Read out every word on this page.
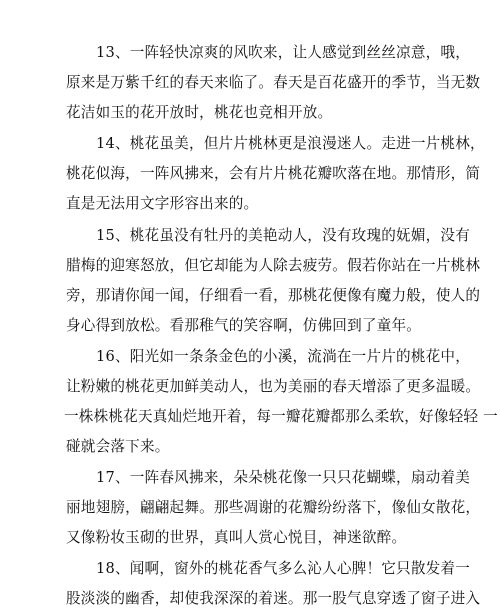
13、一阵轻快凉爽的风吹来，让人感觉到丝丝凉意，哦，
原来是万紫千红的春天来临了。春天是百花盛开的季节，当无数
花洁如玉的花开放时，桃花也竞相开放。
14、桃花虽美，但片片桃林更是浪漫迷人。走进一片桃林，
桃花似海，一阵风拂来，会有片片桃花瓣吹落在地。那情形，简
直是无法用文字形容出来的。
15、桃花虽没有牡丹的美艳动人，没有玫瑰的妩媚，没有
腊梅的迎寒怒放，但它却能为人除去疲劳。假若你站在一片桃林
旁，那请你闻一闻，仔细看一看，那桃花便像有魔力般，使人的
身心得到放松。看那稚气的笑容啊，仿佛回到了童年。
16、阳光如一条条金色的小溪，流淌在一片片的桃花中，
让粉嫩的桃花更加鲜美动人，也为美丽的春天增添了更多温暖。
一株株桃花天真灿烂地开着，每一瓣花瓣都那么柔软，好像轻轻 一
碰就会落下来。
17、一阵春风拂来，朵朵桃花像一只只花蝴蝶，扇动着美
丽地翅膀，翩翩起舞。那些凋谢的花瓣纷纷落下，像仙女散花，
又像粉妆玉砌的世界，真叫人赏心悦目，神迷欲醉。
18、闻啊，窗外的桃花香气多么沁人心脾！它只散发着一
股淡淡的幽香，却使我深深的着迷。那一股气息穿透了窗子进入
